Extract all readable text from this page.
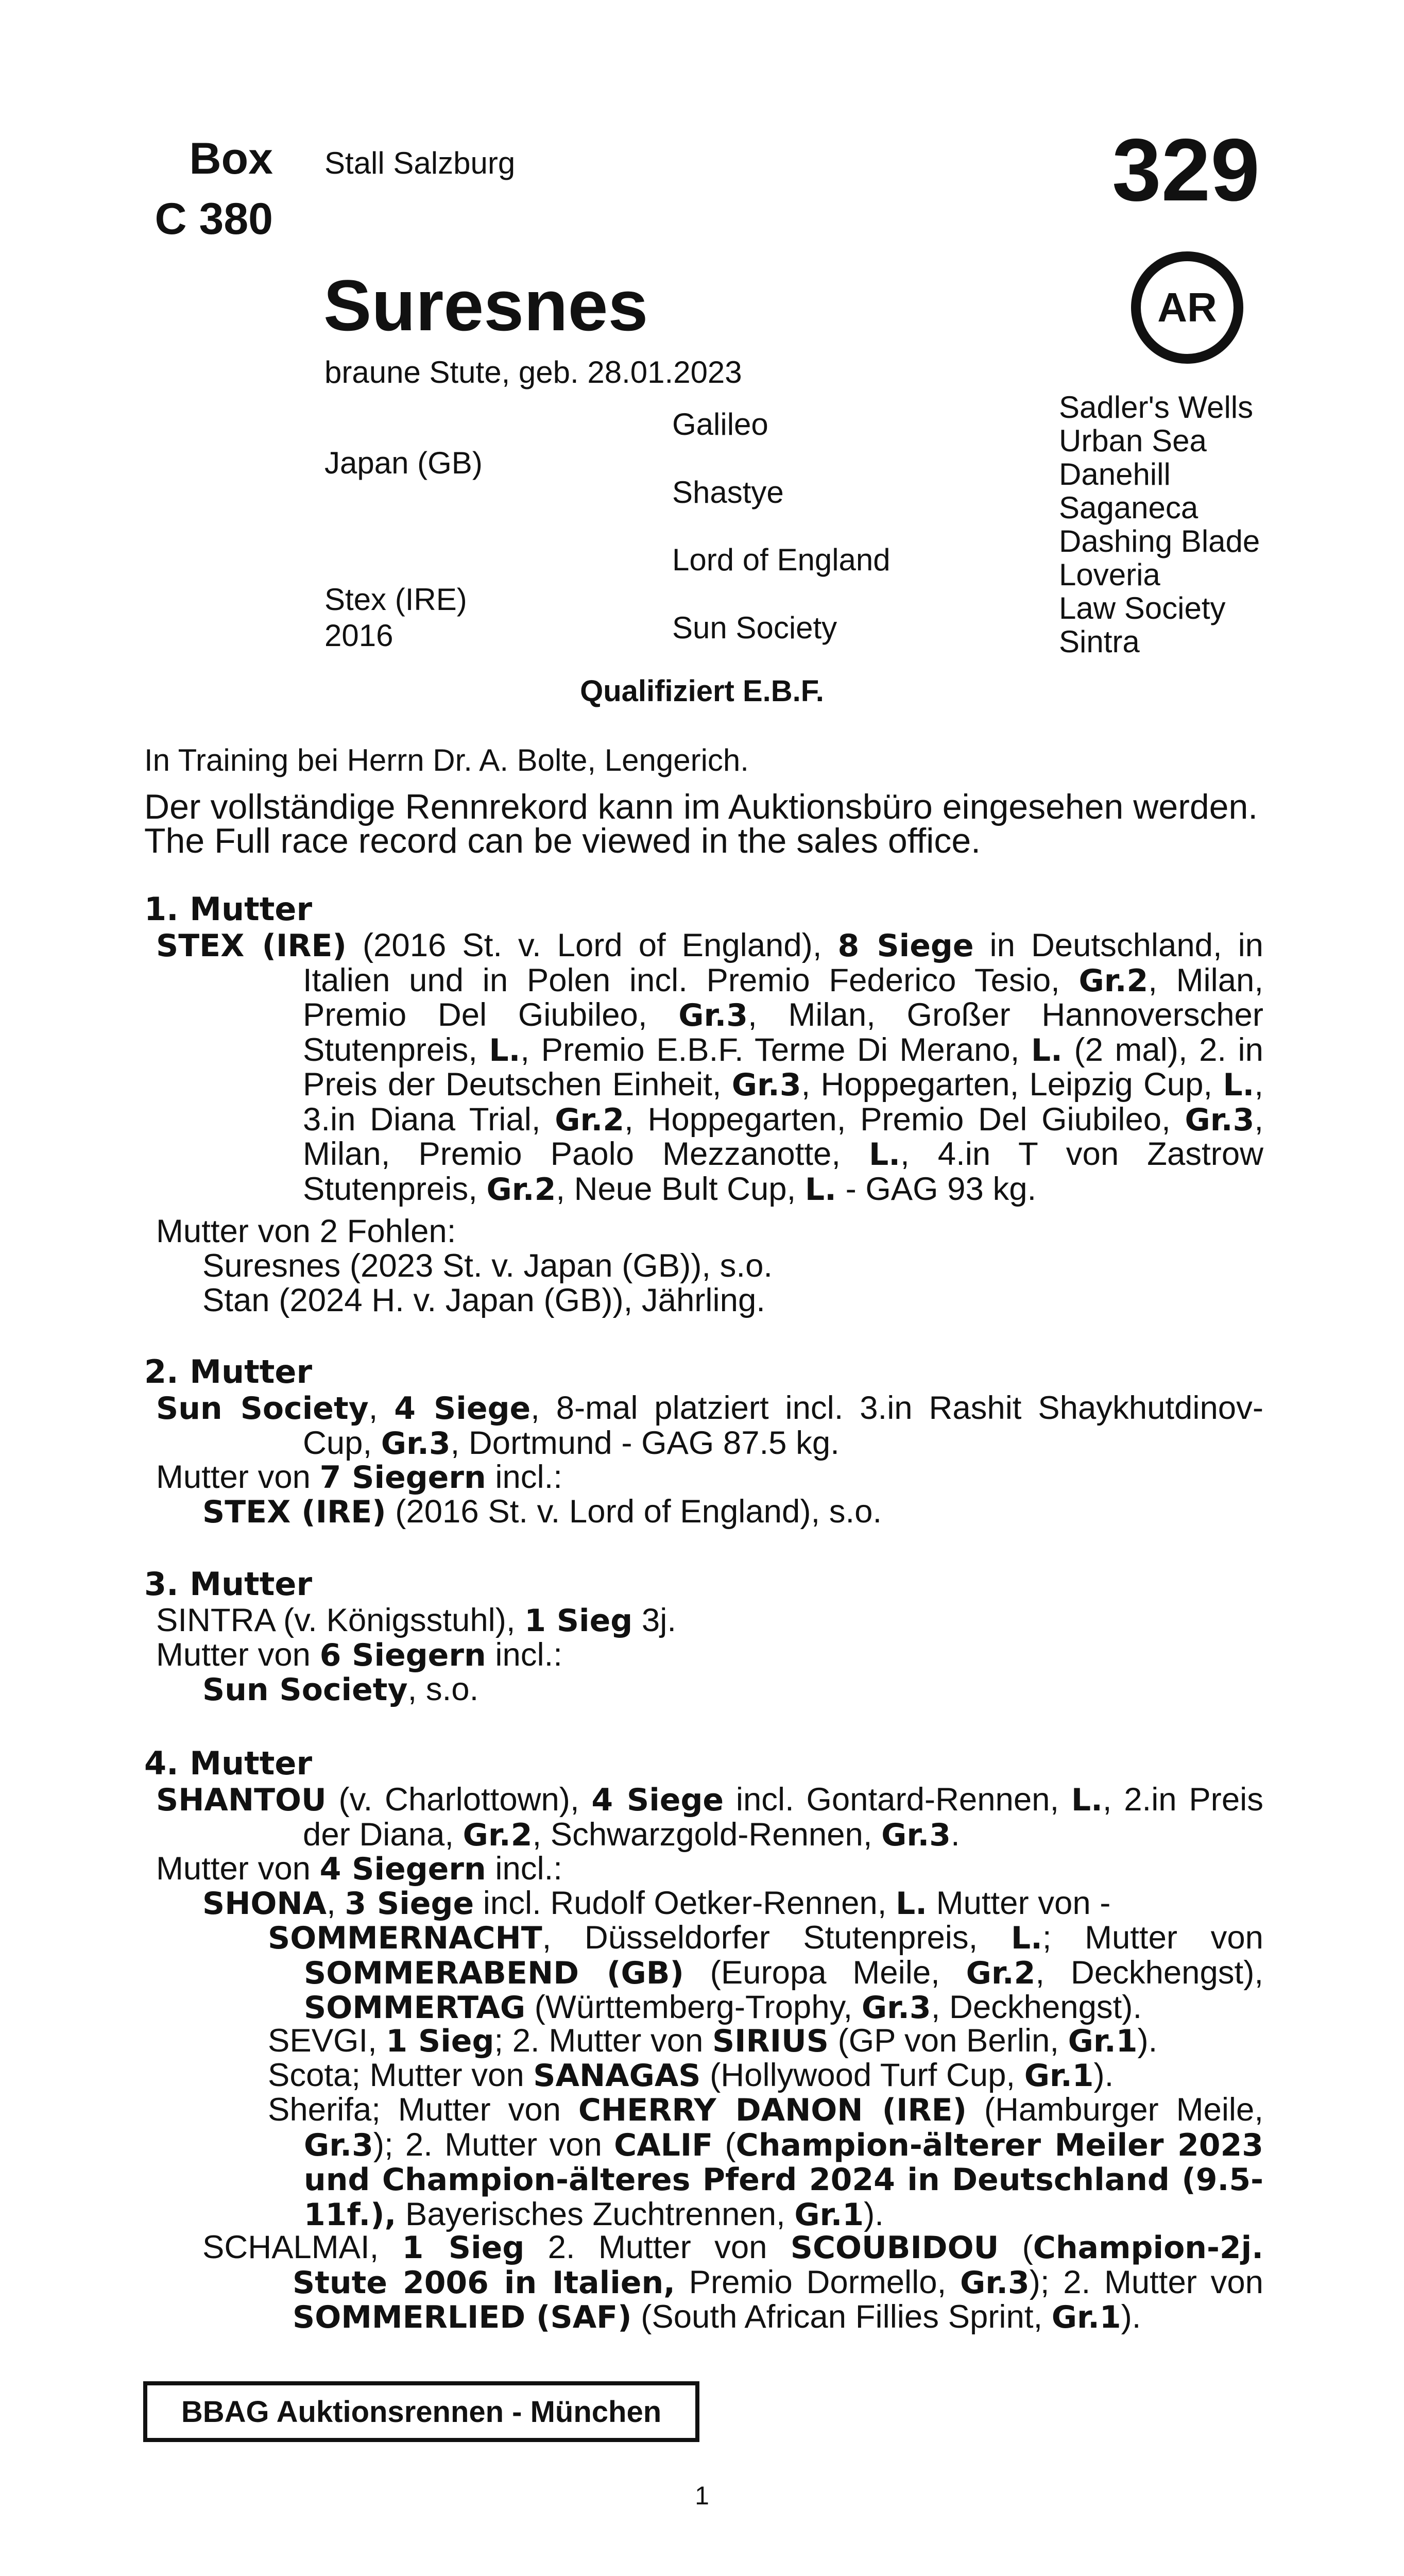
Box
C 380
Stall Salzburg	329
AR
Suresnes
braune Stute, geb. 28.01.2023
Japan (GB)
Stex (IRE)
2016
Galileo
Shastye
Lord of England
Sun Society
Sadler's Wells
Urban Sea
Danehill
Saganeca
Dashing Blade
Loveria
Law Society
Sintra
Qualifiziert E.B.F.
In Training bei Herrn Dr. A. Bolte, Lengerich.
Der vollständige Rennrekord kann im Auktionsbüro eingesehen werden.
The Full race record can be viewed in the sales office.
1. Mutter
STEX (IRE) (2016 St. v. Lord of England), 8 Siege in Deutschland, in Italien und in Polen incl. Premio Federico Tesio, Gr.2, Milan, Premio Del Giubileo, Gr.3, Milan, Großer Hannoverscher Stutenpreis, L., Premio E.B.F. Terme Di Merano, L. (2 mal), 2. in Preis der Deutschen Einheit, Gr.3, Hoppegarten, Leipzig Cup, L., 3.in Diana Trial, Gr.2, Hoppegarten, Premio Del Giubileo, Gr.3, Milan, Premio Paolo Mezzanotte, L., 4.in T von Zastrow Stutenpreis, Gr.2, Neue Bult Cup, L. - GAG 93 kg.
Mutter von 2 Fohlen:
Suresnes (2023 St. v. Japan (GB)), s.o.
Stan (2024 H. v. Japan (GB)), Jährling.
2. Mutter
Sun Society, 4 Siege, 8-mal platziert incl. 3.in Rashit Shaykhutdinov-Cup, Gr.3, Dortmund - GAG 87.5 kg.
Mutter von 7 Siegern incl.:
STEX (IRE) (2016 St. v. Lord of England), s.o.
3. Mutter
SINTRA (v. Königsstuhl), 1 Sieg 3j.
Mutter von 6 Siegern incl.:
Sun Society, s.o.
4. Mutter
SHANTOU (v. Charlottown), 4 Siege incl. Gontard-Rennen, L., 2.in Preis der Diana, Gr.2, Schwarzgold-Rennen, Gr.3.
Mutter von 4 Siegern incl.:
SHONA, 3 Siege incl. Rudolf Oetker-Rennen, L. Mutter von -
SOMMERNACHT, Düsseldorfer Stutenpreis, L.; Mutter von SOMMERABEND (GB) (Europa Meile, Gr.2, Deckhengst), SOMMERTAG (Württemberg-Trophy, Gr.3, Deckhengst).
SEVGI, 1 Sieg; 2. Mutter von SIRIUS (GP von Berlin, Gr.1).
Scota; Mutter von SANAGAS (Hollywood Turf Cup, Gr.1).
Sherifa; Mutter von CHERRY DANON (IRE) (Hamburger Meile, Gr.3); 2. Mutter von CALIF (Champion-älterer Meiler 2023 und Champion-älteres Pferd 2024 in Deutschland (9.5-11f.), Bayerisches Zuchtrennen, Gr.1).
SCHALMAI, 1 Sieg 2. Mutter von SCOUBIDOU (Champion-2j. Stute 2006 in Italien, Premio Dormello, Gr.3); 2. Mutter von SOMMERLIED (SAF) (South African Fillies Sprint, Gr.1).
BBAG Auktionsrennen - München
1
